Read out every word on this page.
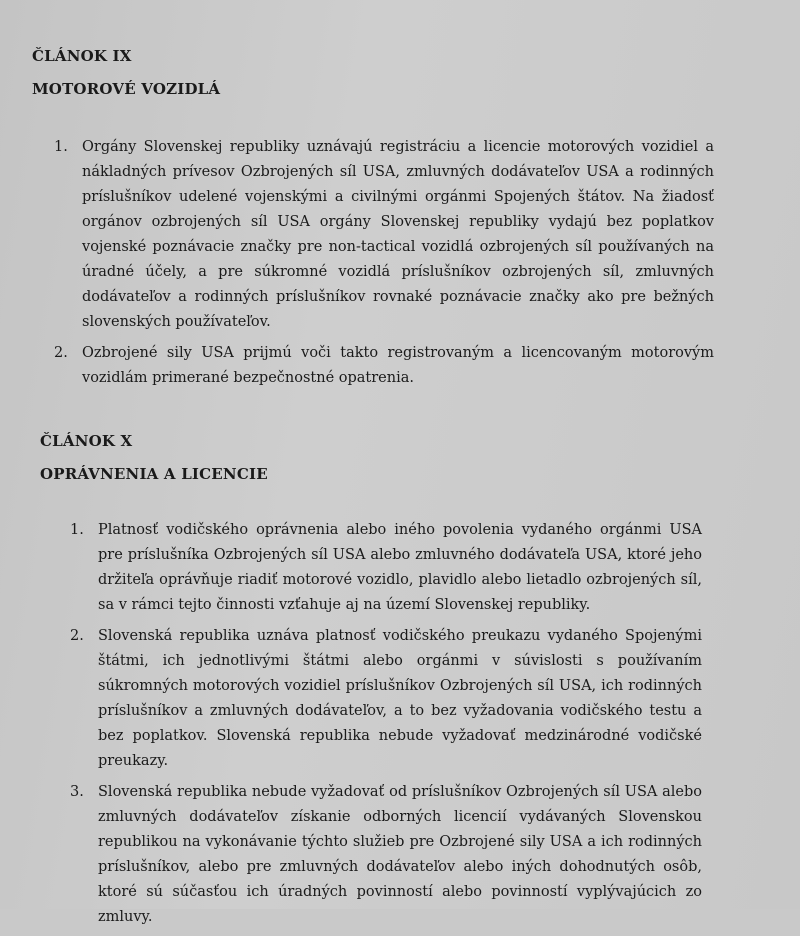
ČLÁNOK IX
MOTOROVÉ VOZIDLÁ
1. Orgány Slovenskej republiky uznávajú registráciu a licencie motorových vozidiel a nákladných prívesov Ozbrojených síl USA, zmluvných dodávateľov USA a rodinných príslušníkov udelené vojenskými a civilnými orgánmi Spojených štátov. Na žiadosť orgánov ozbrojených síl USA orgány Slovenskej republiky vydajú bez poplatkov vojenské poznávacie značky pre non-tactical vozidlá ozbrojených síl používaných na úradné účely, a pre súkromné vozidlá príslušníkov ozbrojených síl, zmluvných dodávateľov a rodinných príslušníkov rovnaké poznávacie značky ako pre bežných slovenských používateľov.
2. Ozbrojené sily USA prijmú voči takto registrovaným a licencovaným motorovým vozidlám primerané bezpečnostné opatrenia.
ČLÁNOK X
OPRÁVNENIA A LICENCIE
1. Platnosť vodičského oprávnenia alebo iného povolenia vydaného orgánmi USA pre príslušníka Ozbrojených síl USA alebo zmluvného dodávateľa USA, ktoré jeho držiteľa oprávňuje riadiť motorové vozidlo, plavidlo alebo lietadlo ozbrojených síl, sa v rámci tejto činnosti vzťahuje aj na území Slovenskej republiky.
2. Slovenská republika uznáva platnosť vodičského preukazu vydaného Spojenými štátmi, ich jednotlivými štátmi alebo orgánmi v súvislosti s používaním súkromných motorových vozidiel príslušníkov Ozbrojených síl USA, ich rodinných príslušníkov a zmluvných dodávateľov, a to bez vyžadovania vodičského testu a bez poplatkov. Slovenská republika nebude vyžadovať medzinárodné vodičské preukazy.
3. Slovenská republika nebude vyžadovať od príslušníkov Ozbrojených síl USA alebo zmluvných dodávateľov získanie odborných licencií vydávaných Slovenskou republikou na vykonávanie týchto služieb pre Ozbrojené sily USA a ich rodinných príslušníkov, alebo pre zmluvných dodávateľov alebo iných dohodnutých osôb, ktoré sú súčasťou ich úradných povinností alebo povinností vyplývajúcich zo zmluvy.
